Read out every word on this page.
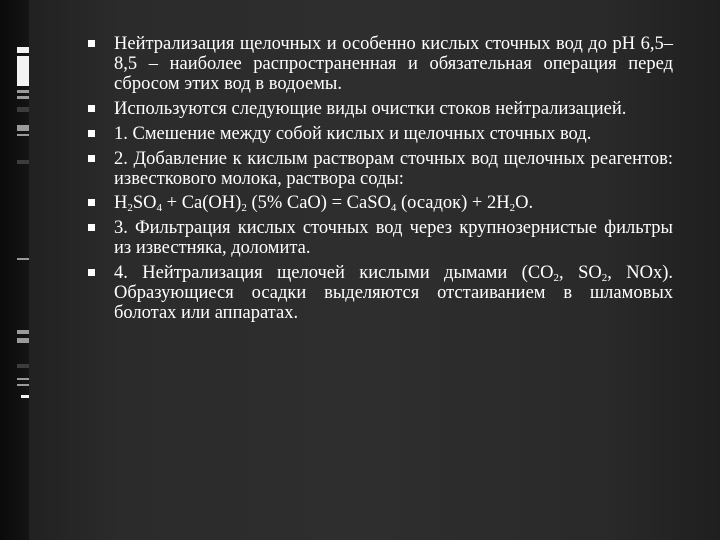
Нейтрализация щелочных и особенно кислых сточных вод до рН 6,5–8,5 – наиболее распространенная и обязательная операция перед сбросом этих вод в водоемы.
Используются следующие виды очистки стоков нейтрализацией.
1. Смешение между собой кислых и щелочных сточных вод.
2. Добавление к кислым растворам сточных вод щелочных реагентов: известкового молока, раствора соды:
$H_2SO_4 + Ca(OH)_2$ (5% CaO) = CaSO$_4$ (осадок) + $2H_2O$.
3. Фильтрация кислых сточных вод через крупнозернистые фильтры из известняка, доломита.
4. Нейтрализация щелочей кислыми дымами ($CO_2$, $SO_2$, NOx). Образующиеся осадки выделяются отстаиванием в шламовых болотах или аппаратах.
